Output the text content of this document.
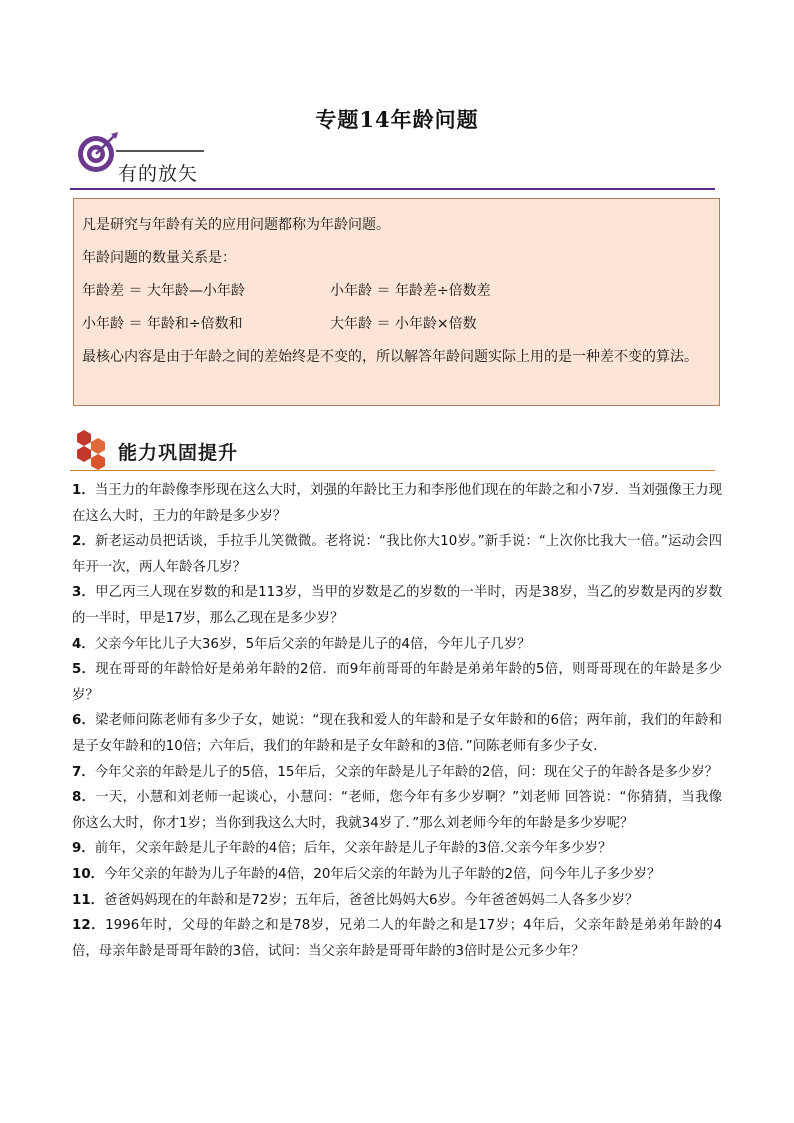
专题14年龄问题
有的放矢
凡是研究与年龄有关的应用问题都称为年龄问题。
年龄问题的数量关系是：
年龄差 ＝ 大年龄—小年龄	小年龄 ＝ 年龄差÷倍数差
小年龄 ＝ 年龄和÷倍数和	大年龄 ＝ 小年龄×倍数
最核心内容是由于年龄之间的差始终是不变的，所以解答年龄问题实际上用的是一种差不变的算法。
能力巩固提升
1．当王力的年龄像李彤现在这么大时，刘强的年龄比王力和李彤他们现在的年龄之和小7岁．当刘强像王力现在这么大时，王力的年龄是多少岁？
2．新老运动员把话谈，手拉手儿笑微微。老将说：“我比你大10岁。”新手说：“上次你比我大一倍。”运动会四年开一次，两人年龄各几岁？
3．甲乙丙三人现在岁数的和是113岁，当甲的岁数是乙的岁数的一半时，丙是38岁，当乙的岁数是丙的岁数的一半时，甲是17岁，那么乙现在是多少岁？
4．父亲今年比儿子大36岁，5年后父亲的年龄是儿子的4倍，今年儿子几岁？
5．现在哥哥的年龄恰好是弟弟年龄的2倍．而9年前哥哥的年龄是弟弟年龄的5倍，则哥哥现在的年龄是多少岁？
6．梁老师问陈老师有多少子女，她说：“现在我和爱人的年龄和是子女年龄和的6倍；两年前，我们的年龄和是子女年龄和的10倍；六年后，我们的年龄和是子女年龄和的3倍．”问陈老师有多少子女．
7．今年父亲的年龄是儿子的5倍，15年后，父亲的年龄是儿子年龄的2倍，问：现在父子的年龄各是多少岁？
8．一天，小慧和刘老师一起谈心，小慧问：“老师，您今年有多少岁啊？”刘老师 回答说：“你猜猜，当我像你这么大时，你才1岁；当你到我这么大时，我就34岁了．”那么刘老师今年的年龄是多少岁呢？
9．前年，父亲年龄是儿子年龄的4倍；后年，父亲年龄是儿子年龄的3倍.父亲今年多少岁？
10．今年父亲的年龄为儿子年龄的4倍，20年后父亲的年龄为儿子年龄的2倍，问今年儿子多少岁？
11．爸爸妈妈现在的年龄和是72岁；五年后，爸爸比妈妈大6岁。今年爸爸妈妈二人各多少岁？
12．1996年时，父母的年龄之和是78岁，兄弟二人的年龄之和是17岁；4年后，父亲年龄是弟弟年龄的4倍，母亲年龄是哥哥年龄的3倍，试问：当父亲年龄是哥哥年龄的3倍时是公元多少年？
